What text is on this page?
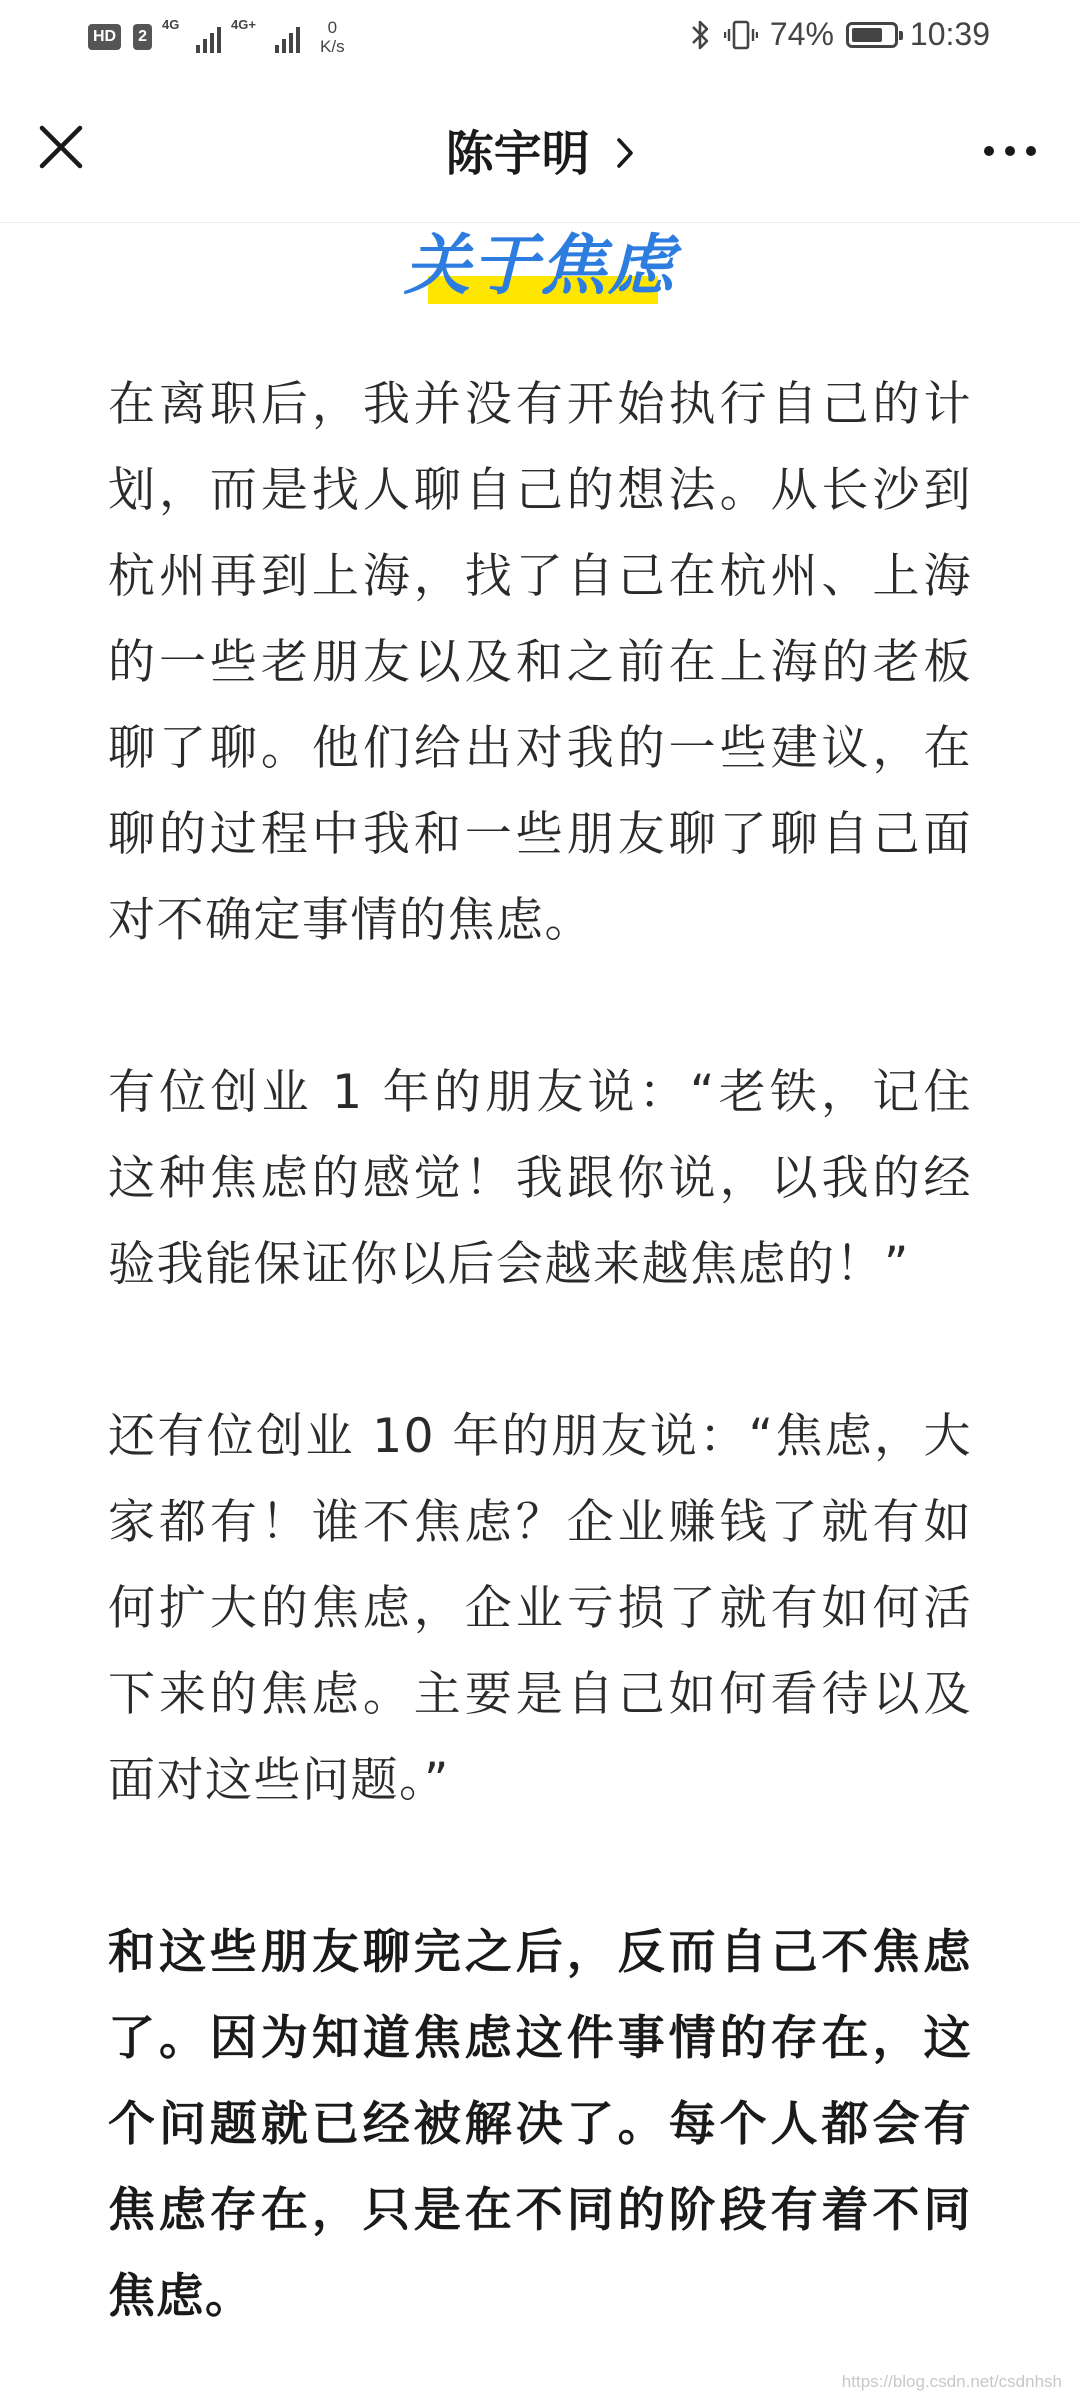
HD	2
4G	4G+	0
K/s	74% 10:39
陈宇明
关于焦虑

在离职后，我并没有开始执行自己的计划，而是找人聊自己的想法。从长沙到杭州再到上海，找了自己在杭州、上海的一些老朋友以及和之前在上海的老板聊了聊。他们给出对我的一些建议，在聊的过程中我和一些朋友聊了聊自己面对不确定事情的焦虑。

有位创业 1 年的朋友说：“老铁，记住这种焦虑的感觉！我跟你说，以我的经验我能保证你以后会越来越焦虑的！”

还有位创业 10 年的朋友说：“焦虑，大家都有！谁不焦虑？企业赚钱了就有如何扩大的焦虑，企业亏损了就有如何活下来的焦虑。主要是自己如何看待以及面对这些问题。”

和这些朋友聊完之后，反而自己不焦虑了。因为知道焦虑这件事情的存在，这个问题就已经被解决了。每个人都会有焦虑存在，只是在不同的阶段有着不同焦虑。

https://blog.csdn.net/csdnhsh
